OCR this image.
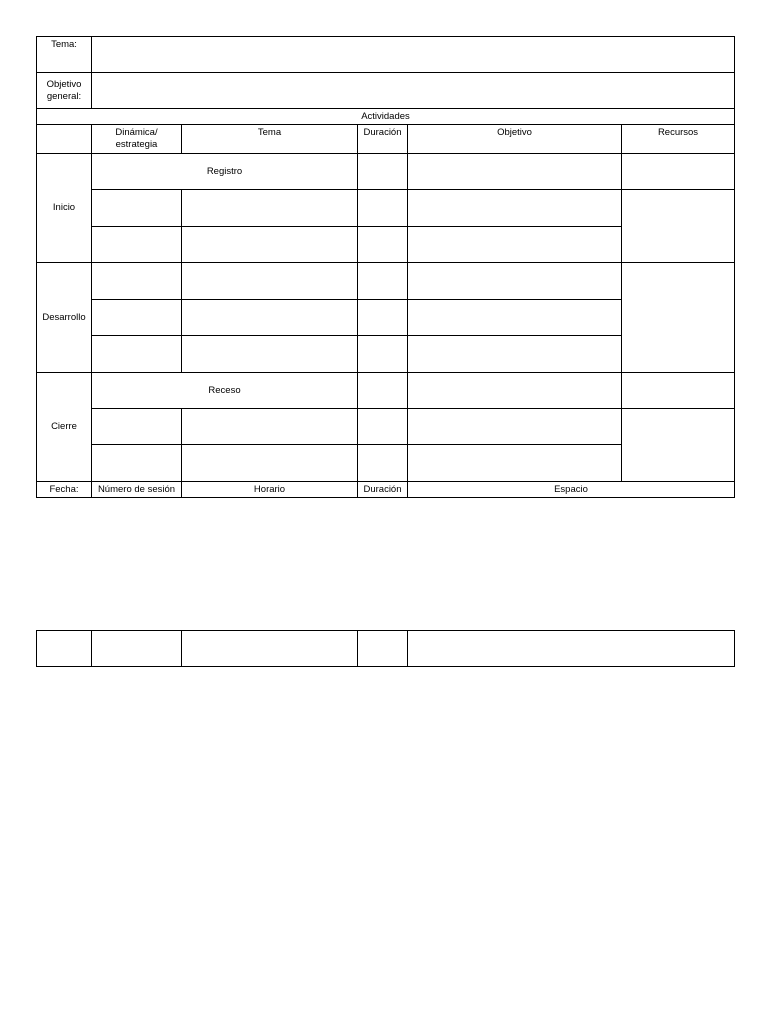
Tema:					
Objetivo general:					
Actividades					
	Dinámica/ estrategia	Tema	Duración	Objetivo	Recursos
Inicio	Registro				

Desarrollo					

Cierre	Receso				

Fecha:	Número de sesión	Horario	Duración	Espacio	
